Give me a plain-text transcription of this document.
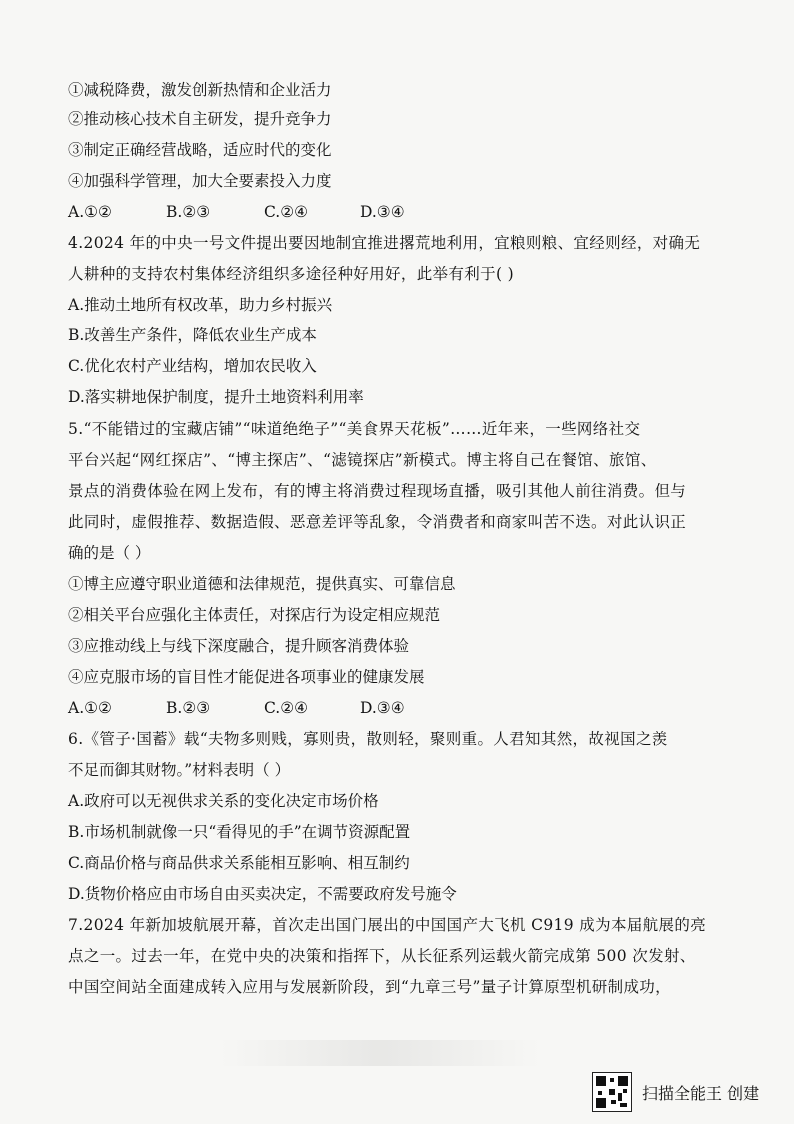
①减税降费，激发创新热情和企业活力
②推动核心技术自主研发，提升竞争力
③制定正确经营战略，适应时代的变化
④加强科学管理，加大全要素投入力度
A.①②	B.②③	C.②④	D.③④
4.2024 年的中央一号文件提出要因地制宜推进撂荒地利用，宜粮则粮、宜经则经，对确无
人耕种的支持农村集体经济组织多途径种好用好，此举有利于( )
A.推动土地所有权改革，助力乡村振兴
B.改善生产条件，降低农业生产成本
C.优化农村产业结构，增加农民收入
D.落实耕地保护制度，提升土地资料利用率
5.“不能错过的宝藏店铺”“味道绝绝子”“美食界天花板”……近年来，一些网络社交
平台兴起“网红探店”、“博主探店”、“滤镜探店”新模式。博主将自己在餐馆、旅馆、
景点的消费体验在网上发布，有的博主将消费过程现场直播，吸引其他人前往消费。但与
此同时，虚假推荐、数据造假、恶意差评等乱象，令消费者和商家叫苦不迭。对此认识正
确的是（ ）
①博主应遵守职业道德和法律规范，提供真实、可靠信息
②相关平台应强化主体责任，对探店行为设定相应规范
③应推动线上与线下深度融合，提升顾客消费体验
④应克服市场的盲目性才能促进各项事业的健康发展
A.①②	B.②③	C.②④	D.③④
6.《管子·国蓄》载“夫物多则贱，寡则贵，散则轻，聚则重。人君知其然，故视国之羡
不足而御其财物。”材料表明（ ）
A.政府可以无视供求关系的变化决定市场价格
B.市场机制就像一只“看得见的手”在调节资源配置
C.商品价格与商品供求关系能相互影响、相互制约
D.货物价格应由市场自由买卖决定，不需要政府发号施令
7.2024 年新加坡航展开幕，首次走出国门展出的中国国产大飞机 C919 成为本届航展的亮
点之一。过去一年，在党中央的决策和指挥下，从长征系列运载火箭完成第 500 次发射、
中国空间站全面建成转入应用与发展新阶段，到“九章三号”量子计算原型机研制成功，
扫描全能王 创建
